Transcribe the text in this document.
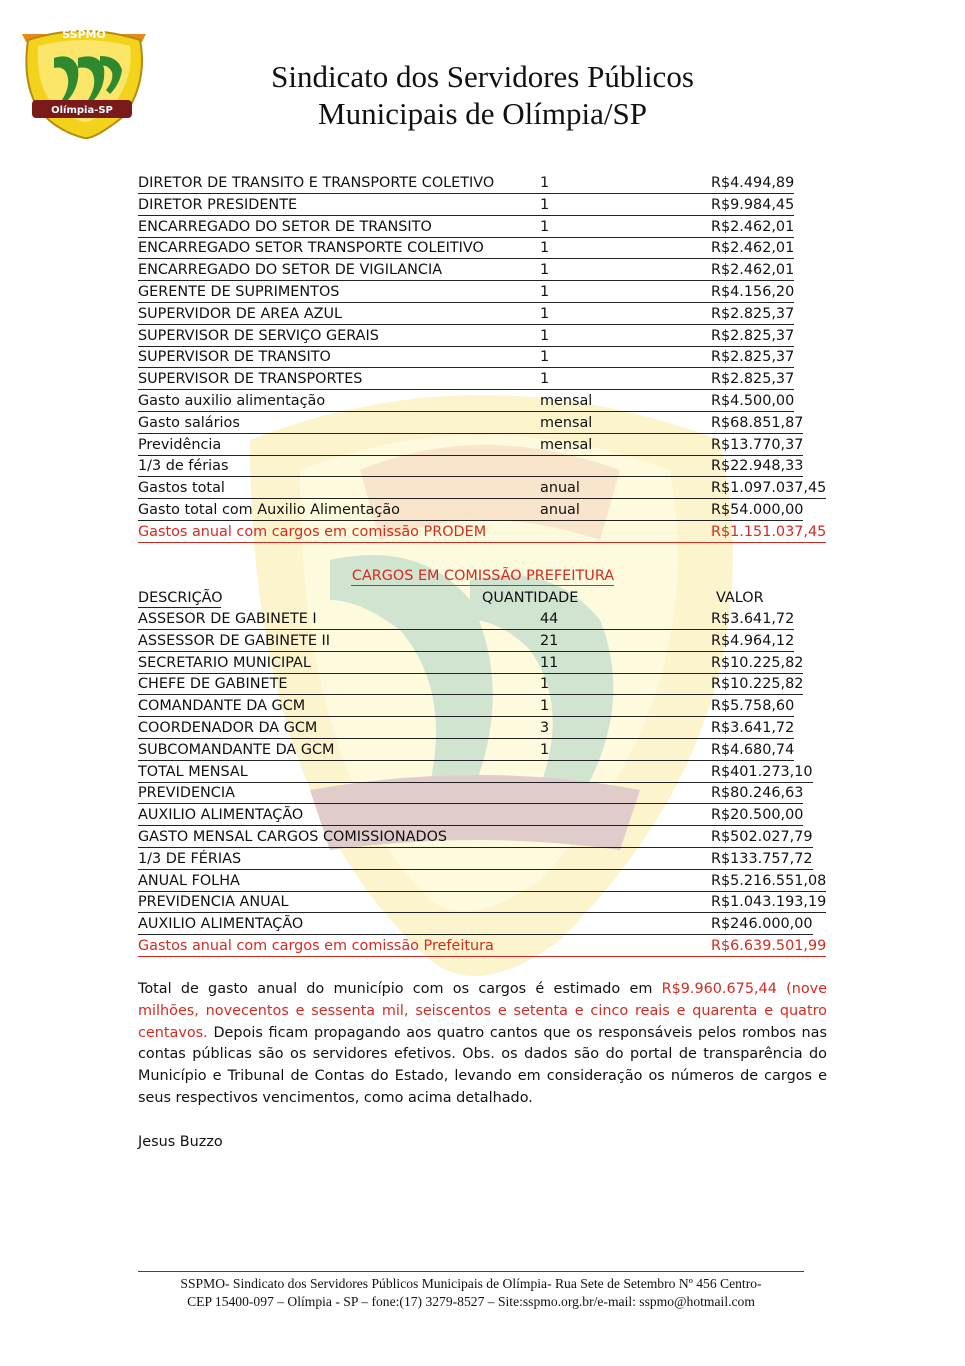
SSPMO
Olímpia-SP
Sindicato dos Servidores Públicos
Municipais de Olímpia/SP
DIRETOR DE TRANSITO E TRANSPORTE COLETIVO	1	R$4.494,89
DIRETOR PRESIDENTE	1	R$9.984,45
ENCARREGADO DO SETOR DE TRANSITO	1	R$2.462,01
ENCARREGADO SETOR TRANSPORTE COLEITIVO	1	R$2.462,01
ENCARREGADO DO SETOR DE VIGILANCIA	1	R$2.462,01
GERENTE DE SUPRIMENTOS	1	R$4.156,20
SUPERVIDOR DE AREA AZUL	1	R$2.825,37
SUPERVISOR DE SERVIÇO GERAIS	1	R$2.825,37
SUPERVISOR DE TRANSITO	1	R$2.825,37
SUPERVISOR DE TRANSPORTES	1	R$2.825,37
Gasto auxilio alimentação	mensal	R$4.500,00
Gasto salários	mensal	R$68.851,87
Previdência	mensal	R$13.770,37
1/3 de férias	R$22.948,33
Gastos total	anual	R$1.097.037,45
Gasto total com Auxilio Alimentação	anual	R$54.000,00
Gastos anual com cargos em comissão PRODEM	R$1.151.037,45
CARGOS EM COMISSÃO PREFEITURA
DESCRIÇÃO	QUANTIDADE	VALOR
ASSESOR DE GABINETE I	44	R$3.641,72
ASSESSOR DE GABINETE II	21	R$4.964,12
SECRETARIO MUNICIPAL	11	R$10.225,82
CHEFE DE GABINETE	1	R$10.225,82
COMANDANTE DA GCM	1	R$5.758,60
COORDENADOR DA GCM	3	R$3.641,72
SUBCOMANDANTE DA GCM	1	R$4.680,74
TOTAL MENSAL	R$401.273,10
PREVIDENCIA	R$80.246,63
AUXILIO ALIMENTAÇÃO	R$20.500,00
GASTO MENSAL CARGOS COMISSIONADOS	R$502.027,79
1/3 DE FÉRIAS	R$133.757,72
ANUAL FOLHA	R$5.216.551,08
PREVIDENCIA ANUAL	R$1.043.193,19
AUXILIO ALIMENTAÇÃO	R$246.000,00
Gastos anual com cargos em comissão Prefeitura	R$6.639.501,99
Total de gasto anual do município com os cargos é estimado em R$9.960.675,44 (nove milhões, novecentos e sessenta mil, seiscentos e setenta e cinco reais e quarenta e quatro centavos. Depois ficam propagando aos quatro cantos que os responsáveis pelos rombos nas contas públicas são os servidores efetivos. Obs. os dados são do portal de transparência do Município e Tribunal de Contas do Estado, levando em consideração os números de cargos e seus respectivos vencimentos, como acima detalhado.
Jesus Buzzo
SSPMO- Sindicato dos Servidores Públicos Municipais de Olímpia- Rua Sete de Setembro Nº 456 Centro-
CEP 15400-097 – Olímpia - SP – fone:(17) 3279-8527 – Site:sspmo.org.br/e-mail: sspmo@hotmail.com
